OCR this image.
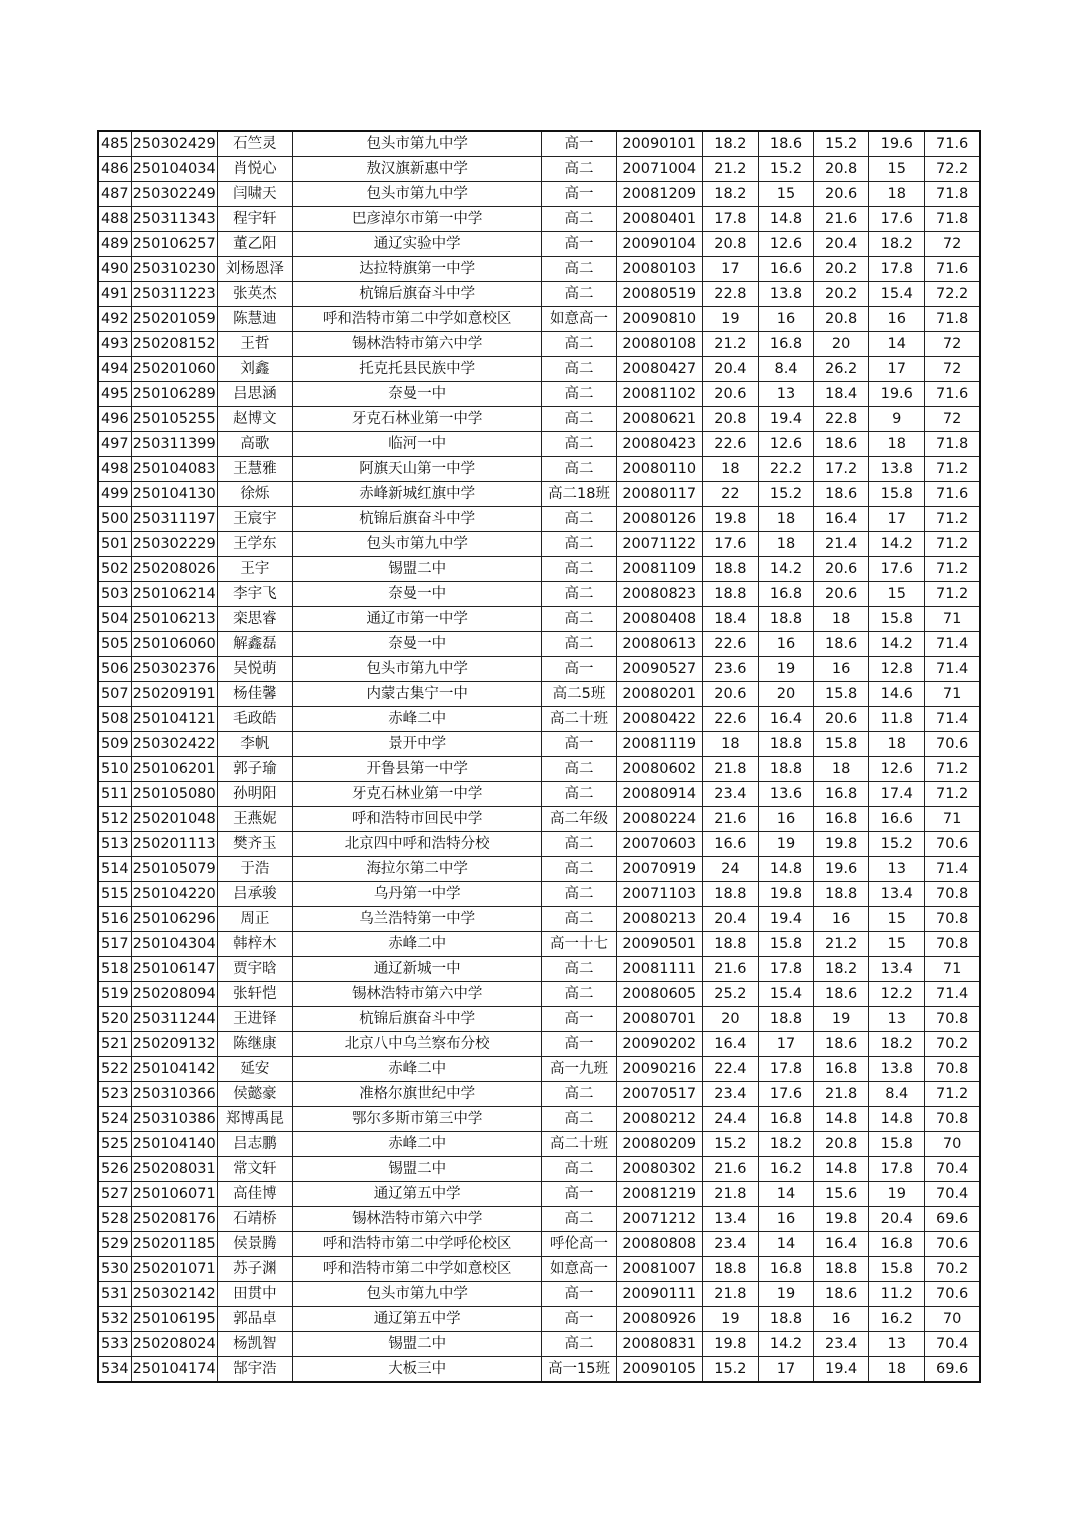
485	250302429	石竺灵	包头市第九中学	高一	20090101	18.2	18.6	15.2	19.6	71.6
486	250104034	肖悦心	敖汉旗新惠中学	高二	20071004	21.2	15.2	20.8	15	72.2
487	250302249	闫啸天	包头市第九中学	高一	20081209	18.2	15	20.6	18	71.8
488	250311343	程宇轩	巴彦淖尔市第一中学	高二	20080401	17.8	14.8	21.6	17.6	71.8
489	250106257	董乙阳	通辽实验中学	高一	20090104	20.8	12.6	20.4	18.2	72
490	250310230	刘杨恩泽	达拉特旗第一中学	高二	20080103	17	16.6	20.2	17.8	71.6
491	250311223	张英杰	杭锦后旗奋斗中学	高二	20080519	22.8	13.8	20.2	15.4	72.2
492	250201059	陈慧迪	呼和浩特市第二中学如意校区	如意高一	20090810	19	16	20.8	16	71.8
493	250208152	王哲	锡林浩特市第六中学	高二	20080108	21.2	16.8	20	14	72
494	250201060	刘鑫	托克托县民族中学	高二	20080427	20.4	8.4	26.2	17	72
495	250106289	吕思涵	奈曼一中	高二	20081102	20.6	13	18.4	19.6	71.6
496	250105255	赵博文	牙克石林业第一中学	高二	20080621	20.8	19.4	22.8	9	72
497	250311399	高歌	临河一中	高二	20080423	22.6	12.6	18.6	18	71.8
498	250104083	王慧雅	阿旗天山第一中学	高二	20080110	18	22.2	17.2	13.8	71.2
499	250104130	徐烁	赤峰新城红旗中学	高二18班	20080117	22	15.2	18.6	15.8	71.6
500	250311197	王宸宇	杭锦后旗奋斗中学	高二	20080126	19.8	18	16.4	17	71.2
501	250302229	王学东	包头市第九中学	高二	20071122	17.6	18	21.4	14.2	71.2
502	250208026	王宇	锡盟二中	高二	20081109	18.8	14.2	20.6	17.6	71.2
503	250106214	李宇飞	奈曼一中	高二	20080823	18.8	16.8	20.6	15	71.2
504	250106213	栾思睿	通辽市第一中学	高二	20080408	18.4	18.8	18	15.8	71
505	250106060	解鑫磊	奈曼一中	高二	20080613	22.6	16	18.6	14.2	71.4
506	250302376	吴悦萌	包头市第九中学	高一	20090527	23.6	19	16	12.8	71.4
507	250209191	杨佳馨	内蒙古集宁一中	高二5班	20080201	20.6	20	15.8	14.6	71
508	250104121	毛政皓	赤峰二中	高二十班	20080422	22.6	16.4	20.6	11.8	71.4
509	250302422	李帆	景开中学	高一	20081119	18	18.8	15.8	18	70.6
510	250106201	郭子瑜	开鲁县第一中学	高二	20080602	21.8	18.8	18	12.6	71.2
511	250105080	孙明阳	牙克石林业第一中学	高二	20080914	23.4	13.6	16.8	17.4	71.2
512	250201048	王燕妮	呼和浩特市回民中学	高二年级	20080224	21.6	16	16.8	16.6	71
513	250201113	樊齐玉	北京四中呼和浩特分校	高二	20070603	16.6	19	19.8	15.2	70.6
514	250105079	于浩	海拉尔第二中学	高二	20070919	24	14.8	19.6	13	71.4
515	250104220	吕承骏	乌丹第一中学	高二	20071103	18.8	19.8	18.8	13.4	70.8
516	250106296	周正	乌兰浩特第一中学	高二	20080213	20.4	19.4	16	15	70.8
517	250104304	韩梓木	赤峰二中	高一十七	20090501	18.8	15.8	21.2	15	70.8
518	250106147	贾宇晗	通辽新城一中	高二	20081111	21.6	17.8	18.2	13.4	71
519	250208094	张轩恺	锡林浩特市第六中学	高二	20080605	25.2	15.4	18.6	12.2	71.4
520	250311244	王进铎	杭锦后旗奋斗中学	高一	20080701	20	18.8	19	13	70.8
521	250209132	陈继康	北京八中乌兰察布分校	高一	20090202	16.4	17	18.6	18.2	70.2
522	250104142	延安	赤峰二中	高一九班	20090216	22.4	17.8	16.8	13.8	70.8
523	250310366	侯懿豪	准格尔旗世纪中学	高二	20070517	23.4	17.6	21.8	8.4	71.2
524	250310386	郑博禹昆	鄂尔多斯市第三中学	高二	20080212	24.4	16.8	14.8	14.8	70.8
525	250104140	吕志鹏	赤峰二中	高二十班	20080209	15.2	18.2	20.8	15.8	70
526	250208031	常文轩	锡盟二中	高二	20080302	21.6	16.2	14.8	17.8	70.4
527	250106071	高佳博	通辽第五中学	高一	20081219	21.8	14	15.6	19	70.4
528	250208176	石靖桥	锡林浩特市第六中学	高二	20071212	13.4	16	19.8	20.4	69.6
529	250201185	侯景腾	呼和浩特市第二中学呼伦校区	呼伦高一	20080808	23.4	14	16.4	16.8	70.6
530	250201071	苏子渊	呼和浩特市第二中学如意校区	如意高一	20081007	18.8	16.8	18.8	15.8	70.2
531	250302142	田贯中	包头市第九中学	高一	20090111	21.8	19	18.6	11.2	70.6
532	250106195	郭品卓	通辽第五中学	高一	20080926	19	18.8	16	16.2	70
533	250208024	杨凯智	锡盟二中	高二	20080831	19.8	14.2	23.4	13	70.4
534	250104174	郜宇浩	大板三中	高一15班	20090105	15.2	17	19.4	18	69.6
